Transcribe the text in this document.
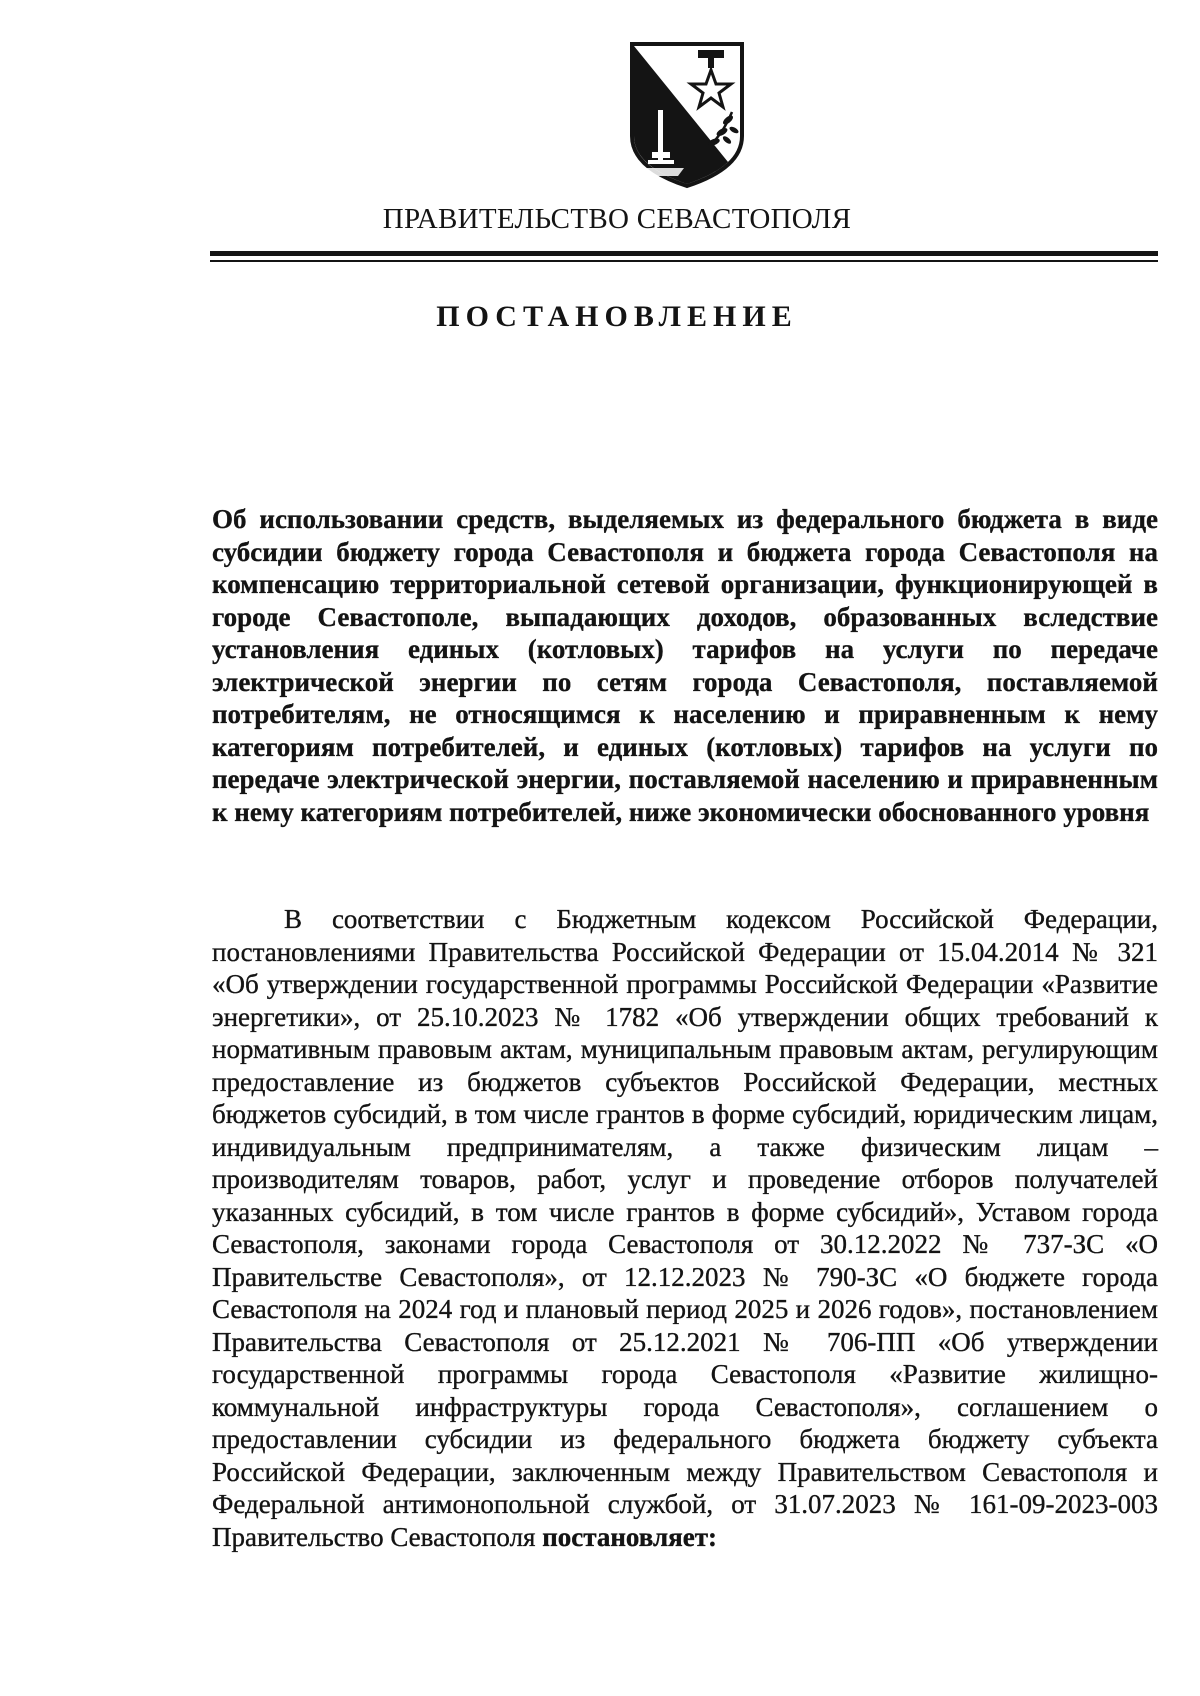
ПРАВИТЕЛЬСТВО СЕВАСТОПОЛЯ
ПОСТАНОВЛЕНИЕ
Об использовании средств, выделяемых из федерального бюджета в виде субсидии бюджету города Севастополя и бюджета города Севастополя на компенсацию территориальной сетевой организации, функционирующей в городе Севастополе, выпадающих доходов, образованных вследствие установления единых (котловых) тарифов на услуги по передаче электрической энергии по сетям города Севастополя, поставляемой потребителям, не относящимся к населению и приравненным к нему категориям потребителей, и единых (котловых) тарифов на услуги по передаче электрической энергии, поставляемой населению и приравненным к нему категориям потребителей, ниже экономически обоснованного уровня
В соответствии с Бюджетным кодексом Российской Федерации, постановлениями Правительства Российской Федерации от 15.04.2014 № 321 «Об утверждении государственной программы Российской Федерации «Развитие энергетики», от 25.10.2023 № 1782 «Об утверждении общих требований к нормативным правовым актам, муниципальным правовым актам, регулирующим предоставление из бюджетов субъектов Российской Федерации, местных бюджетов субсидий, в том числе грантов в форме субсидий, юридическим лицам, индивидуальным предпринимателям, а также физическим лицам – производителям товаров, работ, услуг и проведение отборов получателей указанных субсидий, в том числе грантов в форме субсидий», Уставом города Севастополя, законами города Севастополя от 30.12.2022 № 737-ЗС «О Правительстве Севастополя», от 12.12.2023 № 790-ЗС «О бюджете города Севастополя на 2024 год и плановый период 2025 и 2026 годов», постановлением Правительства Севастополя от 25.12.2021 № 706-ПП «Об утверждении государственной программы города Севастополя «Развитие жилищно-коммунальной инфраструктуры города Севастополя», соглашением о предоставлении субсидии из федерального бюджета бюджету субъекта Российской Федерации, заключенным между Правительством Севастополя и Федеральной антимонопольной службой, от 31.07.2023 № 161-09-2023-003 Правительство Севастополя постановляет:
